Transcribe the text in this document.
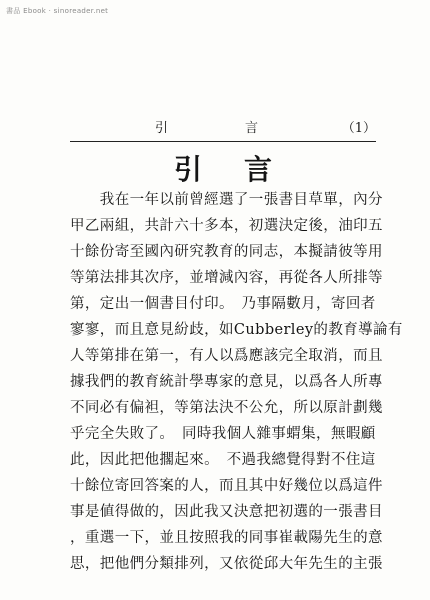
書品 Ebook · sinoreader.net
引	言	（1）
引言
　　我在一年以前曾經選了一張書目草單，內分
甲乙兩組，共計六十多本，初選決定後，油印五
十餘份寄至國內研究教育的同志，本擬請彼等用
等第法排其次序，並增減內容，再從各人所排等
第，定出一個書目付印。　乃事隔數月，寄回者
寥寥，而且意見紛歧，如Cubberley的教育導論有
人等第排在第一，有人以爲應該完全取消，而且
據我們的教育統計學專家的意見，以爲各人所專
不同必有偏袒，等第法決不公允，所以原計劃幾
乎完全失敗了。　同時我個人雜事蝟集，無暇顧
此，因此把他擱起來。　不過我總覺得對不住這
十餘位寄回答案的人，而且其中好幾位以爲這件
事是値得做的，因此我又決意把初選的一張書目
，重選一下，並且按照我的同事崔載陽先生的意
思，把他們分類排列，又依從邱大年先生的主張
